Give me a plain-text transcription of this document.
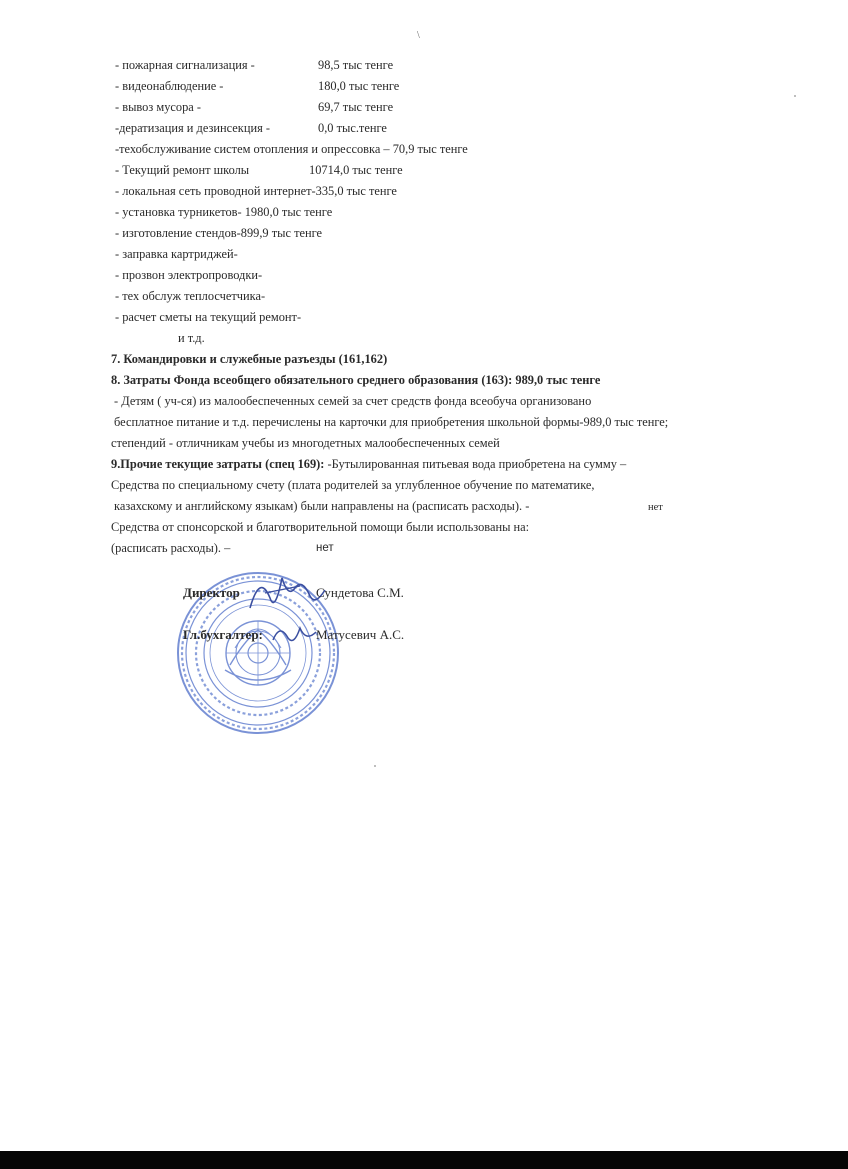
\
- пожарная сигнализация -	98,5 тыс тенге
- видеонаблюдение -	180,0 тыс тенге
- вывоз мусора -	69,7 тыс тенге
-дератизация и дезинсекция -	0,0 тыс.тенге
-техобслуживание систем отопления и опрессовка – 70,9 тыс тенге
- Текущий ремонт школы	10714,0 тыс тенге
- локальная сеть проводной интернет-335,0 тыс тенге
- установка турникетов- 1980,0 тыс тенге
- изготовление стендов-899,9 тыс тенге
- заправка картриджей-
- прозвон электропроводки-
- тех обслуж теплосчетчика-
- расчет сметы на текущий ремонт-
и т.д.
7. Командировки и служебные разъезды (161,162)
8. Затраты Фонда всеобщего обязательного среднего образования (163): 989,0 тыс тенге
- Детям ( уч-ся) из малообеспеченных семей за счет средств фонда всеобуча организовано
бесплатное питание и т.д. перечислены на карточки для приобретения школьной формы-989,0 тыс тенге;
степендий - отличникам учебы из многодетных малообеспеченных семей
9.Прочие текущие затраты (спец 169): -Бутылированная питьевая вода приобретена на сумму –
Средства по специальному счету (плата родителей за углубленное обучение по математике,
казахскому и английскому языкам) были направлены на (расписать расходы). -	нет
Средства от спонсорской и благотворительной помощи были использованы на:
(расписать расходы). –	нет
Директор	Сундетова С.М.
Гл.бухгалтер:	Матусевич А.С.
